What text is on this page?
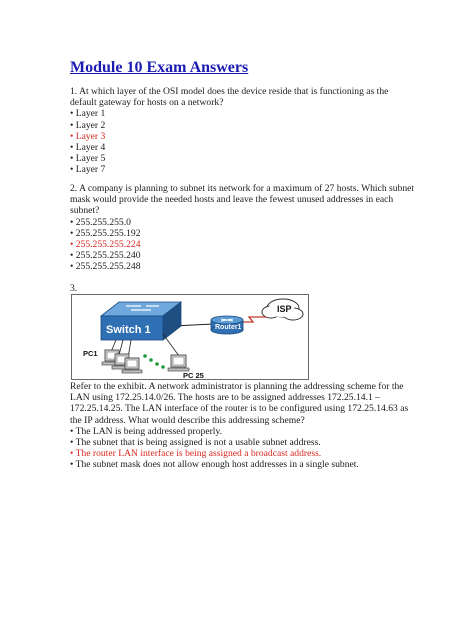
Module 10 Exam Answers

1. At which layer of the OSI model does the device reside that is functioning as the default gateway for hosts on a network?

• Layer 1
• Layer 2
• Layer 3
• Layer 4
• Layer 5
• Layer 7

2. A company is planning to subnet its network for a maximum of 27 hosts. Which subnet mask would provide the needed hosts and leave the fewest unused addresses in each subnet?

• 255.255.255.0
• 255.255.255.192
• 255.255.255.224
• 255.255.255.240
• 255.255.255.248
3.
ISP
Router1
Switch 1
PC1
PC 25

Refer to the exhibit. A network administrator is planning the addressing scheme for the LAN using 172.25.14.0/26. The hosts are to be assigned addresses 172.25.14.1 – 172.25.14.25. The LAN interface of the router is to be configured using 172.25.14.63 as the IP address. What would describe this addressing scheme?

• The LAN is being addressed properly.
• The subnet that is being assigned is not a usable subnet address.
• The router LAN interface is being assigned a broadcast address.
• The subnet mask does not allow enough host addresses in a single subnet.
